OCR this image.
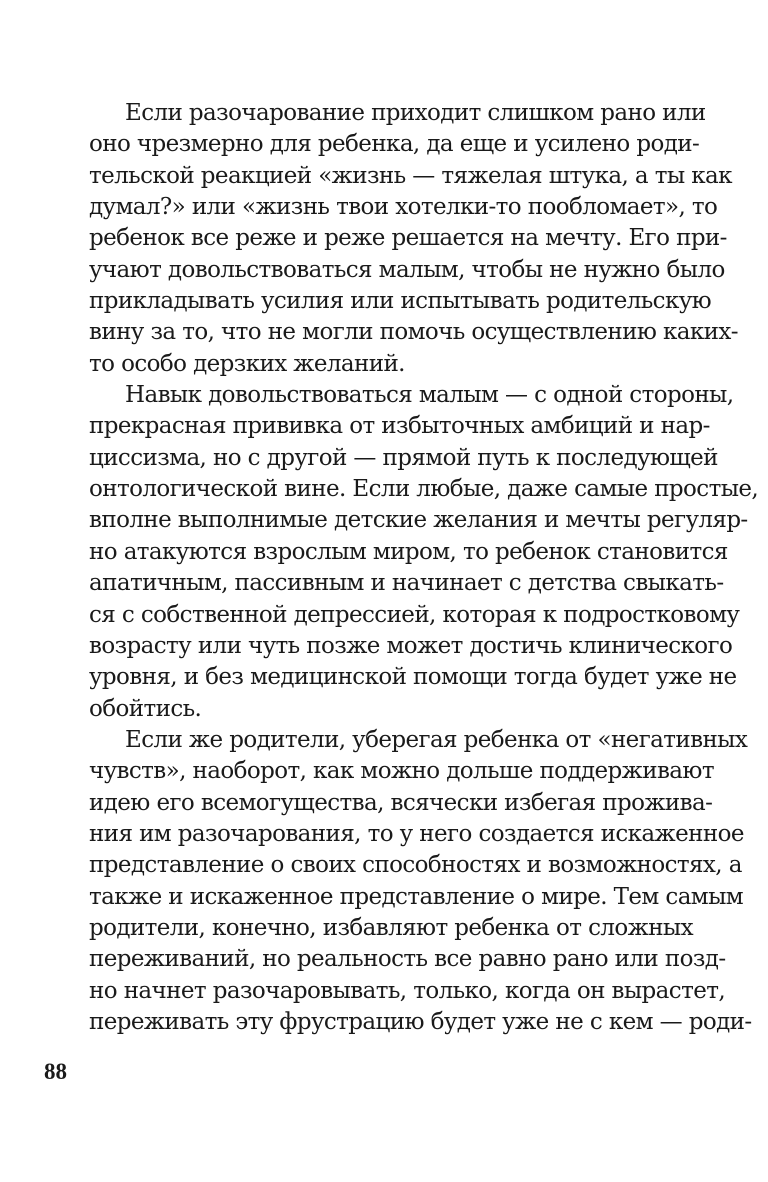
Если разочарование приходит слишком рано или
оно чрезмерно для ребенка, да еще и усилено роди-
тельской реакцией «жизнь — тяжелая штука, а ты как
думал?» или «жизнь твои хотелки-то пообломает», то
ребенок все реже и реже решается на мечту. Его при-
учают довольствоваться малым, чтобы не нужно было
прикладывать усилия или испытывать родительскую
вину за то, что не могли помочь осуществлению каких-
то особо дерзких желаний.
Навык довольствоваться малым — с одной стороны,
прекрасная прививка от избыточных амбиций и нар-
циссизма, но с другой — прямой путь к последующей
онтологической вине. Если любые, даже самые простые,
вполне выполнимые детские желания и мечты регуляр-
но атакуются взрослым миром, то ребенок становится
апатичным, пассивным и начинает с детства свыкать-
ся с собственной депрессией, которая к подростковому
возрасту или чуть позже может достичь клинического
уровня, и без медицинской помощи тогда будет уже не
обойтись.
Если же родители, уберегая ребенка от «негативных
чувств», наоборот, как можно дольше поддерживают
идею его всемогущества, всячески избегая прожива-
ния им разочарования, то у него создается искаженное
представление о своих способностях и возможностях, а
также и искаженное представление о мире. Тем самым
родители, конечно, избавляют ребенка от сложных
переживаний, но реальность все равно рано или позд-
но начнет разочаровывать, только, когда он вырастет,
переживать эту фрустрацию будет уже не с кем — роди-
88
